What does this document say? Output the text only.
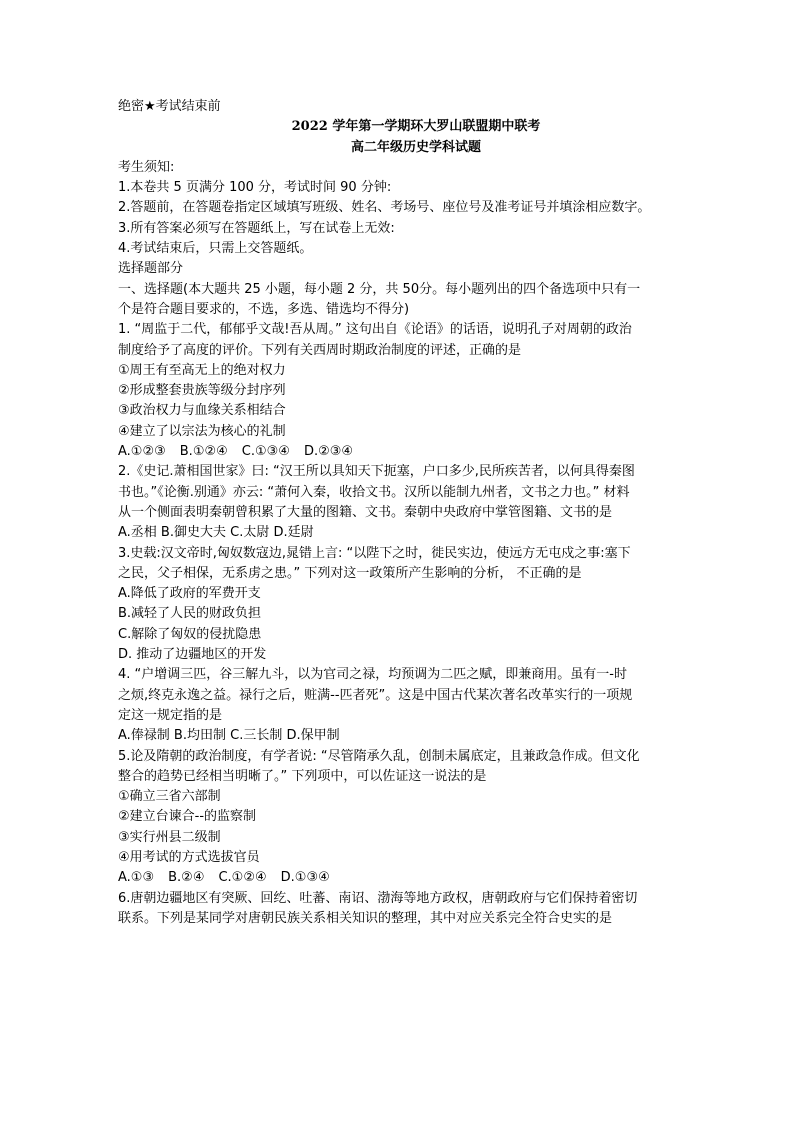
绝密★考试结束前
2022 学年第一学期环大罗山联盟期中联考
高二年级历史学科试题
考生须知:
1.本卷共 5 页满分 100 分，考试时间 90 分钟:
2.答题前，在答题卷指定区域填写班级、姓名、考场号、座位号及准考证号并填涂相应数字。
3.所有答案必须写在答题纸上，写在试卷上无效:
4.考试结束后，只需上交答题纸。
选择题部分
一、选择题(本大题共 25 小题，每小题 2 分，共 50分。每小题列出的四个备选项中只有一
个是符合题目要求的，不选，多选、错选均不得分)
1. “周监于二代，郁郁乎文哉!吾从周。” 这句出自《论语》的话语，说明孔子对周朝的政治
制度给予了高度的评价。下列有关西周时期政治制度的评述，正确的是
①周王有至高无上的绝对权力
②形成整套贵族等级分封序列
③政治权力与血缘关系相结合
④建立了以宗法为核心的礼制
A.①②③ B.①②④ C.①③④ D.②③④
2.《史记.萧相国世家》曰: “汉王所以具知天下扼塞，户口多少,民所疾苦者，以何具得秦图
书也。”《论衡.别通》亦云: “萧何入秦，收拾文书。汉所以能制九州者，文书之力也。” 材料
从一个侧面表明秦朝曾积累了大量的图籍、文书。秦朝中央政府中掌管图籍、文书的是
A.丞相 B.御史大夫 C.太尉 D.廷尉
3.史载:汉文帝时,匈奴数寇边,晁错上言: “以陛下之时，徙民实边，使远方无屯戍之事:塞下
之民，父子相保，无系虏之患。” 下列对这一政策所产生影响的分析， 不正确的是
A.降低了政府的军费开支
B.减轻了人民的财政负担
C.解除了匈奴的侵扰隐患
D. 推动了边疆地区的开发
4. “户增调三匹，谷三解九斗，以为官司之禄，均预调为二匹之赋，即兼商用。虽有一-时
之烦,终克永逸之益。禄行之后，赃满--匹者死”。这是中国古代某次著名改革实行的一项规
定这一规定指的是
A.俸禄制 B.均田制 C.三长制 D.保甲制
5.论及隋朝的政治制度，有学者说: “尽管隋承久乱，创制未属底定，且兼政急作成。但文化
整合的趋势已经相当明晰了。” 下列项中，可以佐证这一说法的是
①确立三省六部制
②建立台谏合--的监察制
③实行州县二级制
④用考试的方式选拔官员
A.①③ B.②④ C.①②④ D.①③④
6.唐朝边疆地区有突厥、回纥、吐蕃、南诏、渤海等地方政权，唐朝政府与它们保持着密切
联系。下列是某同学对唐朝民族关系相关知识的整理，其中对应关系完全符合史实的是
